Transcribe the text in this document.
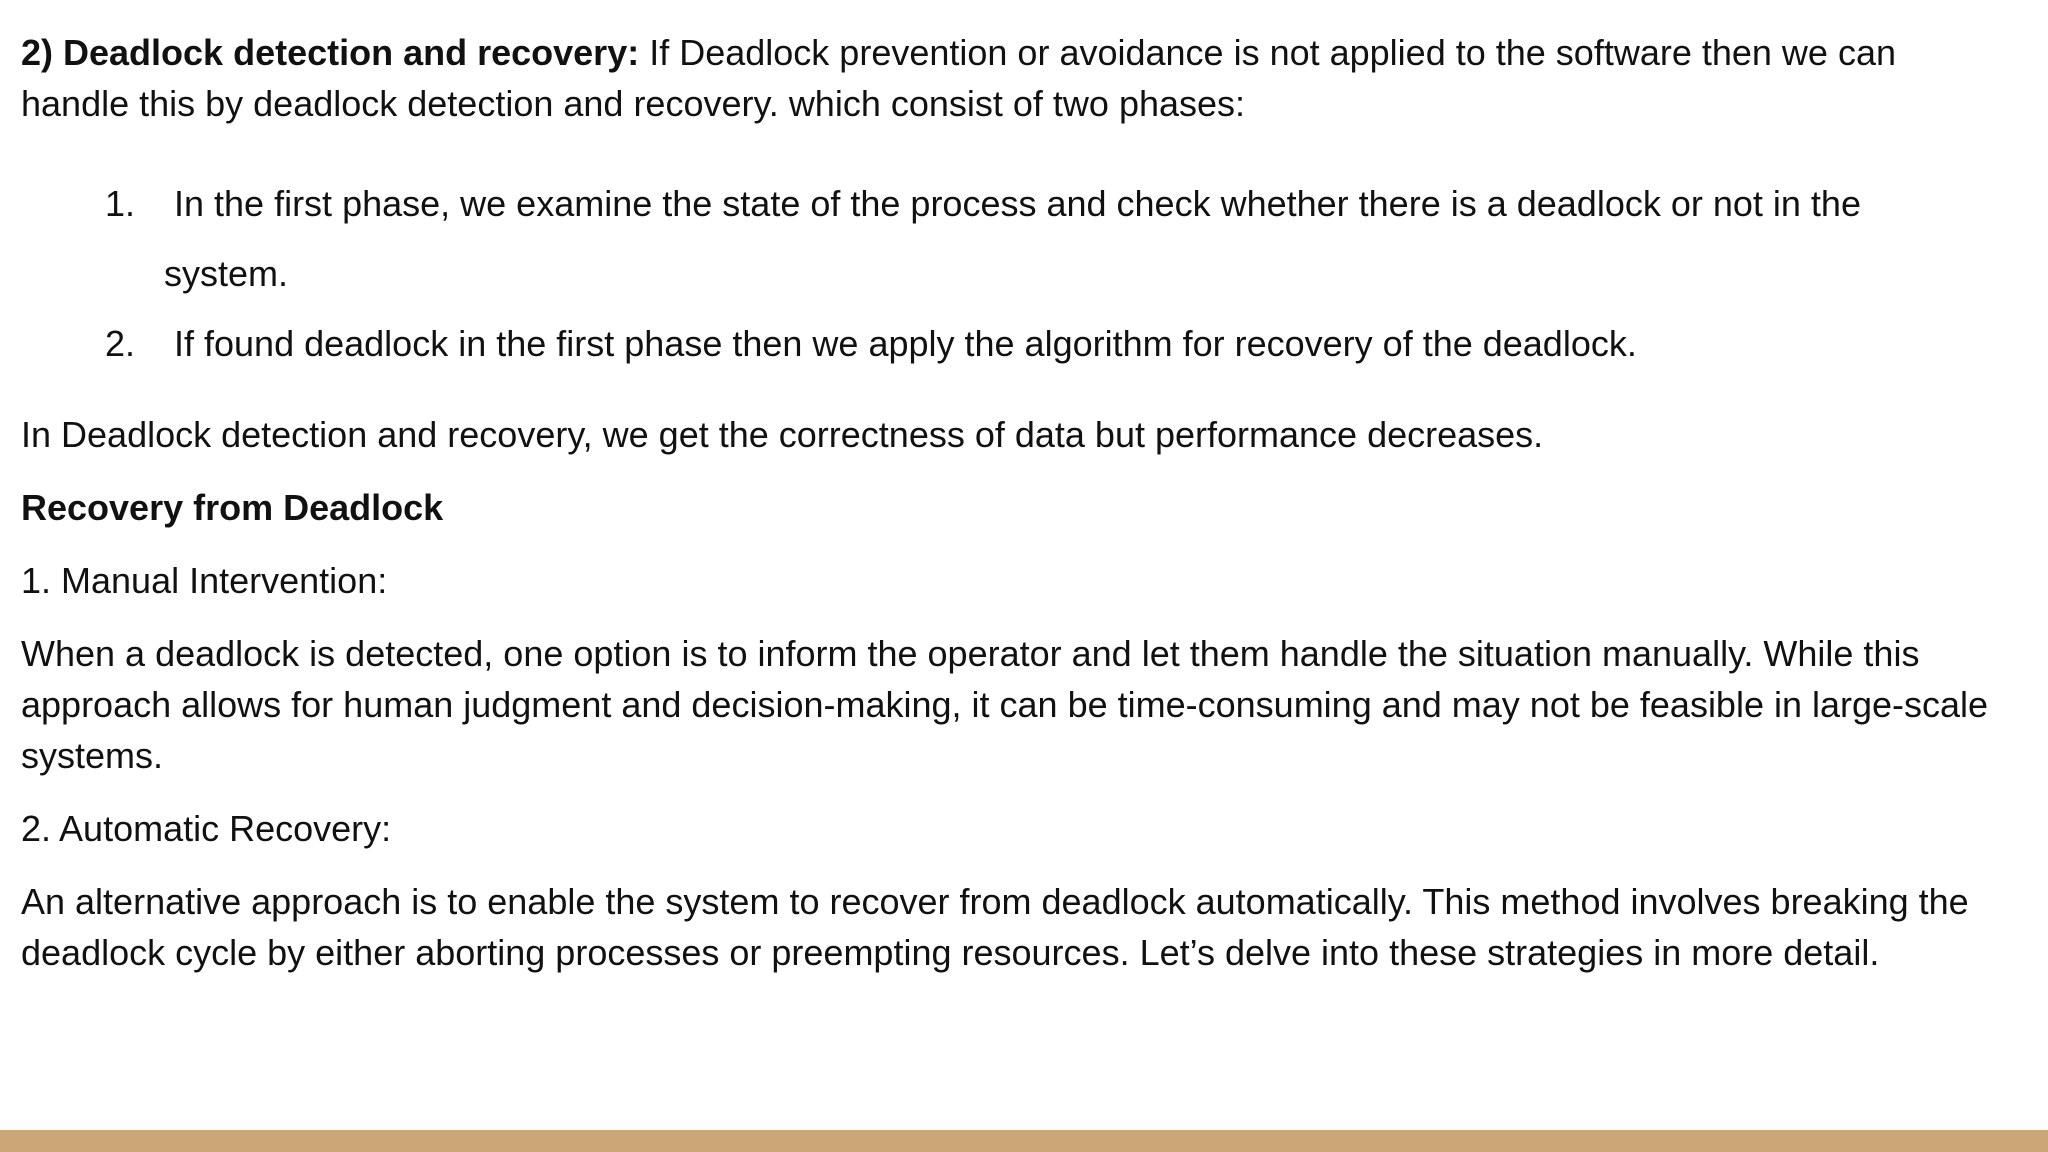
2) Deadlock detection and recovery: If Deadlock prevention or avoidance is not applied to the software then we can handle this by deadlock detection and recovery. which consist of two phases:

1. In the first phase, we examine the state of the process and check whether there is a deadlock or not in the
system.
2. If found deadlock in the first phase then we apply the algorithm for recovery of the deadlock.

In Deadlock detection and recovery, we get the correctness of data but performance decreases.

Recovery from Deadlock

1. Manual Intervention:

When a deadlock is detected, one option is to inform the operator and let them handle the situation manually. While this approach allows for human judgment and decision-making, it can be time-consuming and may not be feasible in large-scale systems.

2. Automatic Recovery:

An alternative approach is to enable the system to recover from deadlock automatically. This method involves breaking the deadlock cycle by either aborting processes or preempting resources. Let’s delve into these strategies in more detail.
